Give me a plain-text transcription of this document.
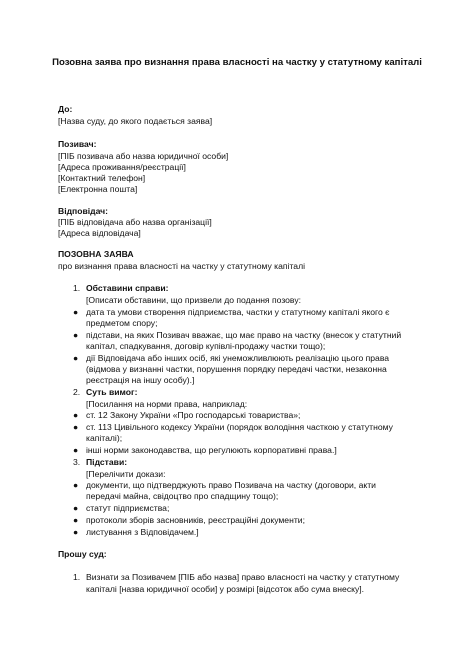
Позовна заява про визнання права власності на частку у статутному капіталі
До:
[Назва суду, до якого подається заява]
Позивач:
[ПІБ позивача або назва юридичної особи]
[Адреса проживання/реєстрації]
[Контактний телефон]
[Електронна пошта]
Відповідач:
[ПІБ відповідача або назва організації]
[Адреса відповідача]
ПОЗОВНА ЗАЯВА
про визнання права власності на частку у статутному капіталі
1. Обставини справи:
[Описати обставини, що призвели до подання позову:
● дата та умови створення підприємства, частки у статутному капіталі якого є
предметом спору;
● підстави, на яких Позивач вважає, що має право на частку (внесок у статутний
капітал, спадкування, договір купівлі-продажу частки тощо);
● дії Відповідача або інших осіб, які унеможливлюють реалізацію цього права
(відмова у визнанні частки, порушення порядку передачі частки, незаконна
реєстрація на іншу особу).]
2. Суть вимог:
[Посилання на норми права, наприклад:
● ст. 12 Закону України «Про господарські товариства»;
● ст. 113 Цивільного кодексу України (порядок володіння часткою у статутному
капіталі);
● інші норми законодавства, що регулюють корпоративні права.]
3. Підстави:
[Перелічити докази:
● документи, що підтверджують право Позивача на частку (договори, акти
передачі майна, свідоцтво про спадщину тощо);
● статут підприємства;
● протоколи зборів засновників, реєстраційні документи;
● листування з Відповідачем.]
Прошу суд:
1. Визнати за Позивачем [ПІБ або назва] право власності на частку у статутному
капіталі [назва юридичної особи] у розмірі [відсоток або сума внеску].
